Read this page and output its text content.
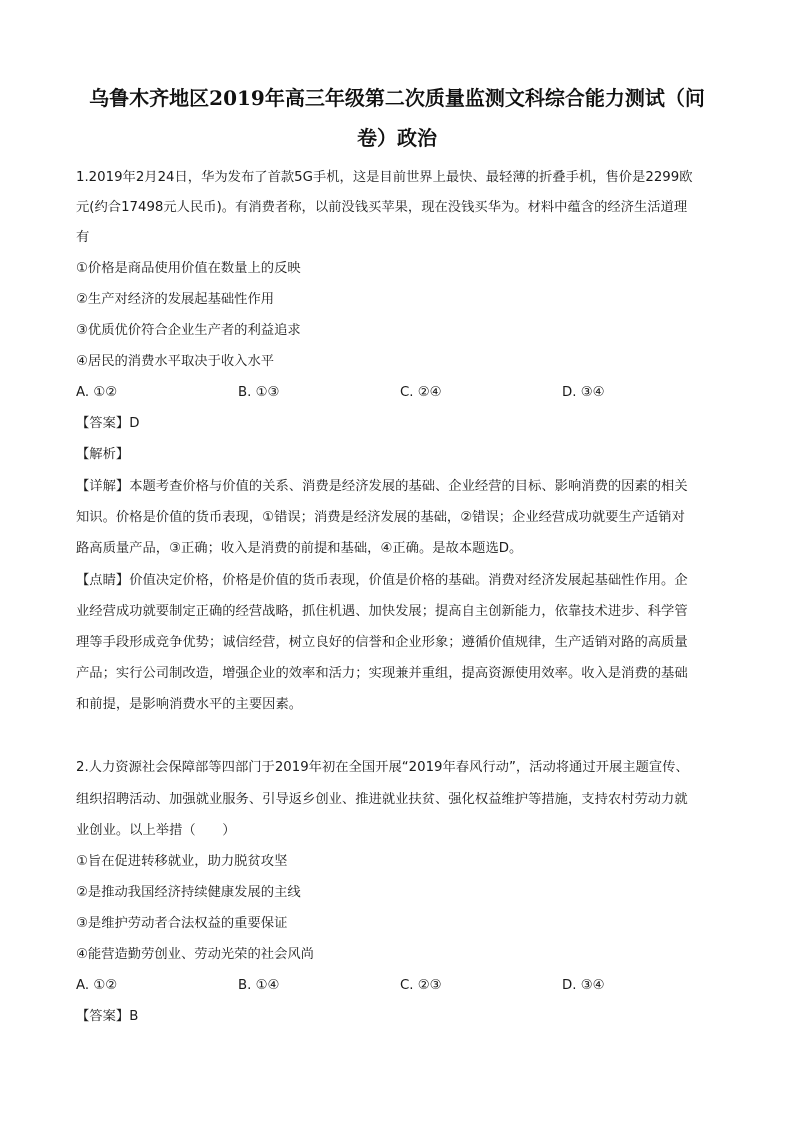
乌鲁木齐地区2019年高三年级第二次质量监测文科综合能力测试（问
卷）政治
1.2019年2月24日，华为发布了首款5G手机，这是目前世界上最快、最轻薄的折叠手机，售价是2299欧
元(约合17498元人民币)。有消费者称，以前没钱买苹果，现在没钱买华为。材料中蕴含的经济生活道理
有
①价格是商品使用价值在数量上的反映
②生产对经济的发展起基础性作用
③优质优价符合企业生产者的利益追求
④居民的消费水平取决于收入水平
A. ①②	B. ①③	C. ②④	D. ③④
【答案】D
【解析】
【详解】本题考查价格与价值的关系、消费是经济发展的基础、企业经营的目标、影响消费的因素的相关
知识。价格是价值的货币表现，①错误；消费是经济发展的基础，②错误；企业经营成功就要生产适销对
路高质量产品，③正确；收入是消费的前提和基础，④正确。是故本题选D。
【点睛】价值决定价格，价格是价值的货币表现，价值是价格的基础。消费对经济发展起基础性作用。企
业经营成功就要制定正确的经营战略，抓住机遇、加快发展；提高自主创新能力，依靠技术进步、科学管
理等手段形成竞争优势；诚信经营，树立良好的信誉和企业形象；遵循价值规律，生产适销对路的高质量
产品；实行公司制改造，增强企业的效率和活力；实现兼并重组，提高资源使用效率。收入是消费的基础
和前提，是影响消费水平的主要因素。
2.人力资源社会保障部等四部门于2019年初在全国开展“2019年春风行动”，活动将通过开展主题宣传、
组织招聘活动、加强就业服务、引导返乡创业、推进就业扶贫、强化权益维护等措施，支持农村劳动力就
业创业。以上举措（　　）
①旨在促进转移就业，助力脱贫攻坚
②是推动我国经济持续健康发展的主线
③是维护劳动者合法权益的重要保证
④能营造勤劳创业、劳动光荣的社会风尚
A. ①②	B. ①④	C. ②③	D. ③④
【答案】B
